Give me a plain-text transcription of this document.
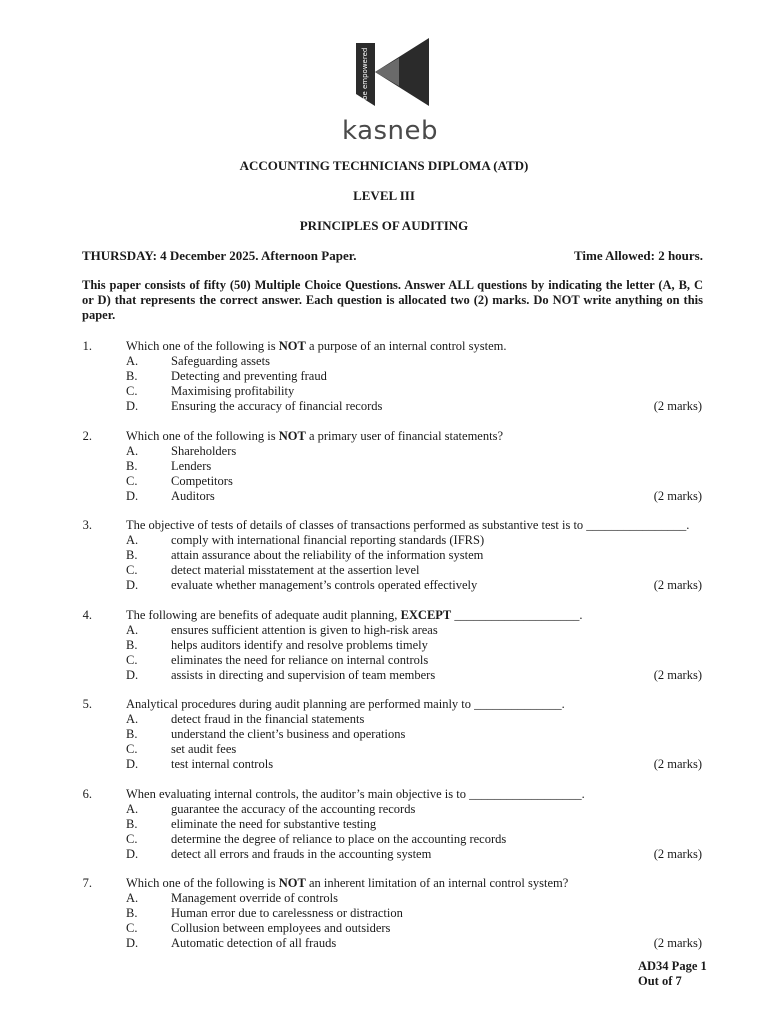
be empowered
kasneb
ACCOUNTING TECHNICIANS DIPLOMA (ATD)
LEVEL III
PRINCIPLES OF AUDITING
THURSDAY: 4 December 2025. Afternoon Paper.	Time Allowed: 2 hours.
This paper consists of fifty (50) Multiple Choice Questions. Answer ALL questions by indicating the letter (A, B, C or D) that represents the correct answer. Each question is allocated two (2) marks. Do NOT write anything on this paper.
1.	Which one of the following is NOT a purpose of an internal control system.
A.	Safeguarding assets
B.	Detecting and preventing fraud
C.	Maximising profitability
D.	Ensuring the accuracy of financial records	(2 marks)
2.	Which one of the following is NOT a primary user of financial statements?
A.	Shareholders
B.	Lenders
C.	Competitors
D.	Auditors	(2 marks)
3.	The objective of tests of details of classes of transactions performed as substantive test is to ________________.
A.	comply with international financial reporting standards (IFRS)
B.	attain assurance about the reliability of the information system
C.	detect material misstatement at the assertion level
D.	evaluate whether management’s controls operated effectively	(2 marks)
4.	The following are benefits of adequate audit planning, EXCEPT ____________________.
A.	ensures sufficient attention is given to high-risk areas
B.	helps auditors identify and resolve problems timely
C.	eliminates the need for reliance on internal controls
D.	assists in directing and supervision of team members	(2 marks)
5.	Analytical procedures during audit planning are performed mainly to ______________.
A.	detect fraud in the financial statements
B.	understand the client’s business and operations
C.	set audit fees
D.	test internal controls	(2 marks)
6.	When evaluating internal controls, the auditor’s main objective is to __________________.
A.	guarantee the accuracy of the accounting records
B.	eliminate the need for substantive testing
C.	determine the degree of reliance to place on the accounting records
D.	detect all errors and frauds in the accounting system	(2 marks)
7.	Which one of the following is NOT an inherent limitation of an internal control system?
A.	Management override of controls
B.	Human error due to carelessness or distraction
C.	Collusion between employees and outsiders
D.	Automatic detection of all frauds	(2 marks)
AD34 Page 1
Out of 7
